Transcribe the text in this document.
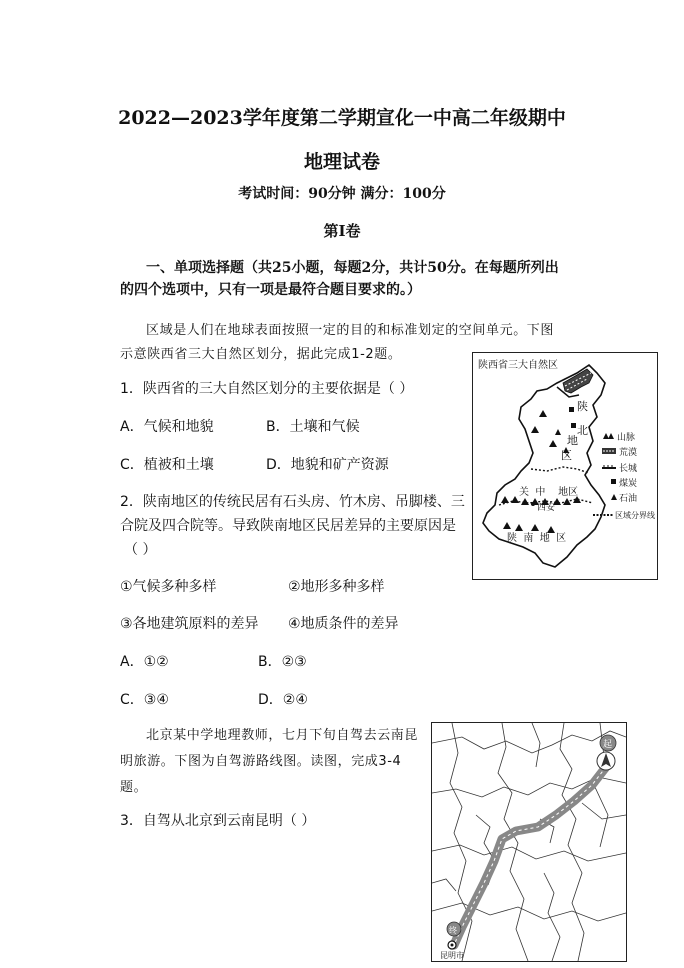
2022—2023学年度第二学期宣化一中高二年级期中
地理试卷
考试时间：90分钟 满分：100分
第Ⅰ卷
一、单项选择题（共25小题，每题2分，共计50分。在每题所列出
的四个选项中，只有一项是最符合题目要求的。）
区域是人们在地球表面按照一定的目的和标准划定的空间单元。下图
示意陕西省三大自然区划分，据此完成1-2题。
1．陕西省的三大自然区划分的主要依据是（ ）
A．气候和地貌	B．土壤和气候
C．植被和土壤	D．地貌和矿产资源
2．陕南地区的传统民居有石头房、竹木房、吊脚楼、三
合院及四合院等。导致陕南地区民居差异的主要原因是
（ ）
①气候多种多样	②地形多种多样
③各地建筑原料的差异 ④地质条件的差异
A．①②	B．②③
C．③④	D．②④
北京某中学地理教师，七月下旬自驾去云南昆
明旅游。下图为自驾游路线图。读图，完成3-4
题。
3．自驾从北京到云南昆明（ ）
陕西省三大自然区
陕
北
地
区
关  中    地区
西安
陕  南  地  区
山脉
荒漠
长城
煤炭
石油
区域分界线
起
终
昆明市
